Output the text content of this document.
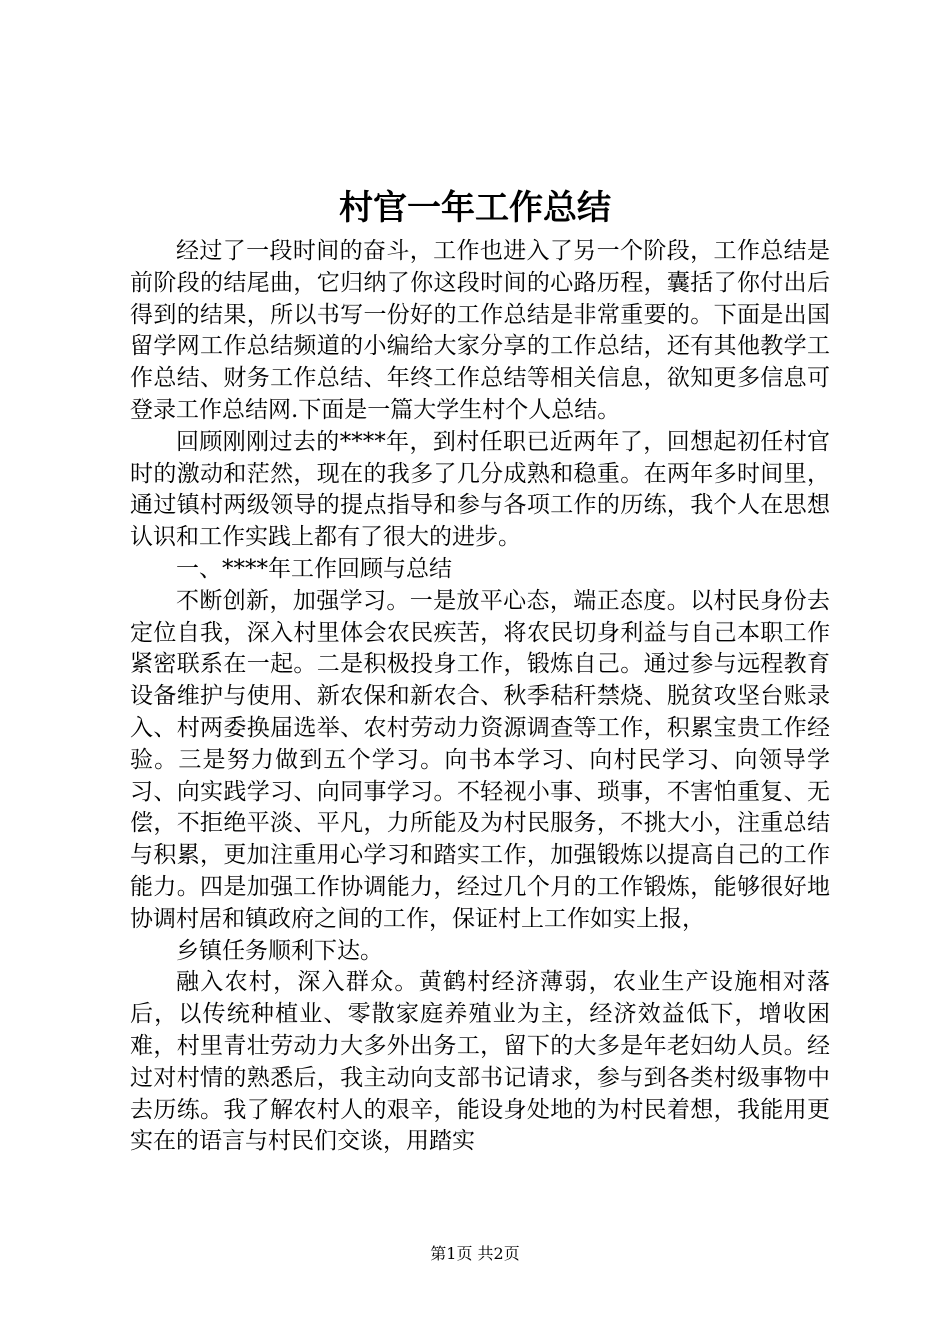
村官一年工作总结

经过了一段时间的奋斗，工作也进入了另一个阶段，工作总结是前阶段的结尾曲，它归纳了你这段时间的心路历程，囊括了你付出后得到的结果，所以书写一份好的工作总结是非常重要的。下面是出国留学网工作总结频道的小编给大家分享的工作总结，还有其他教学工作总结、财务工作总结、年终工作总结等相关信息，欲知更多信息可登录工作总结网.下面是一篇大学生村个人总结。

回顾刚刚过去的****年，到村任职已近两年了，回想起初任村官时的激动和茫然，现在的我多了几分成熟和稳重。在两年多时间里，通过镇村两级领导的提点指导和参与各项工作的历练，我个人在思想认识和工作实践上都有了很大的进步。

一、****年工作回顾与总结

不断创新，加强学习。一是放平心态，端正态度。以村民身份去定位自我，深入村里体会农民疾苦，将农民切身利益与自己本职工作紧密联系在一起。二是积极投身工作，锻炼自己。通过参与远程教育设备维护与使用、新农保和新农合、秋季秸秆禁烧、脱贫攻坚台账录入、村两委换届选举、农村劳动力资源调查等工作，积累宝贵工作经验。三是努力做到五个学习。向书本学习、向村民学习、向领导学习、向实践学习、向同事学习。不轻视小事、琐事，不害怕重复、无偿，不拒绝平淡、平凡，力所能及为村民服务，不挑大小，注重总结与积累，更加注重用心学习和踏实工作，加强锻炼以提高自己的工作能力。四是加强工作协调能力，经过几个月的工作锻炼，能够很好地协调村居和镇政府之间的工作，保证村上工作如实上报，

乡镇任务顺利下达。

融入农村，深入群众。黄鹤村经济薄弱，农业生产设施相对落后，以传统种植业、零散家庭养殖业为主，经济效益低下，增收困难，村里青壮劳动力大多外出务工，留下的大多是年老妇幼人员。经过对村情的熟悉后，我主动向支部书记请求，参与到各类村级事物中去历练。我了解农村人的艰辛，能设身处地的为村民着想，我能用更实在的语言与村民们交谈，用踏实

第1页 共2页
